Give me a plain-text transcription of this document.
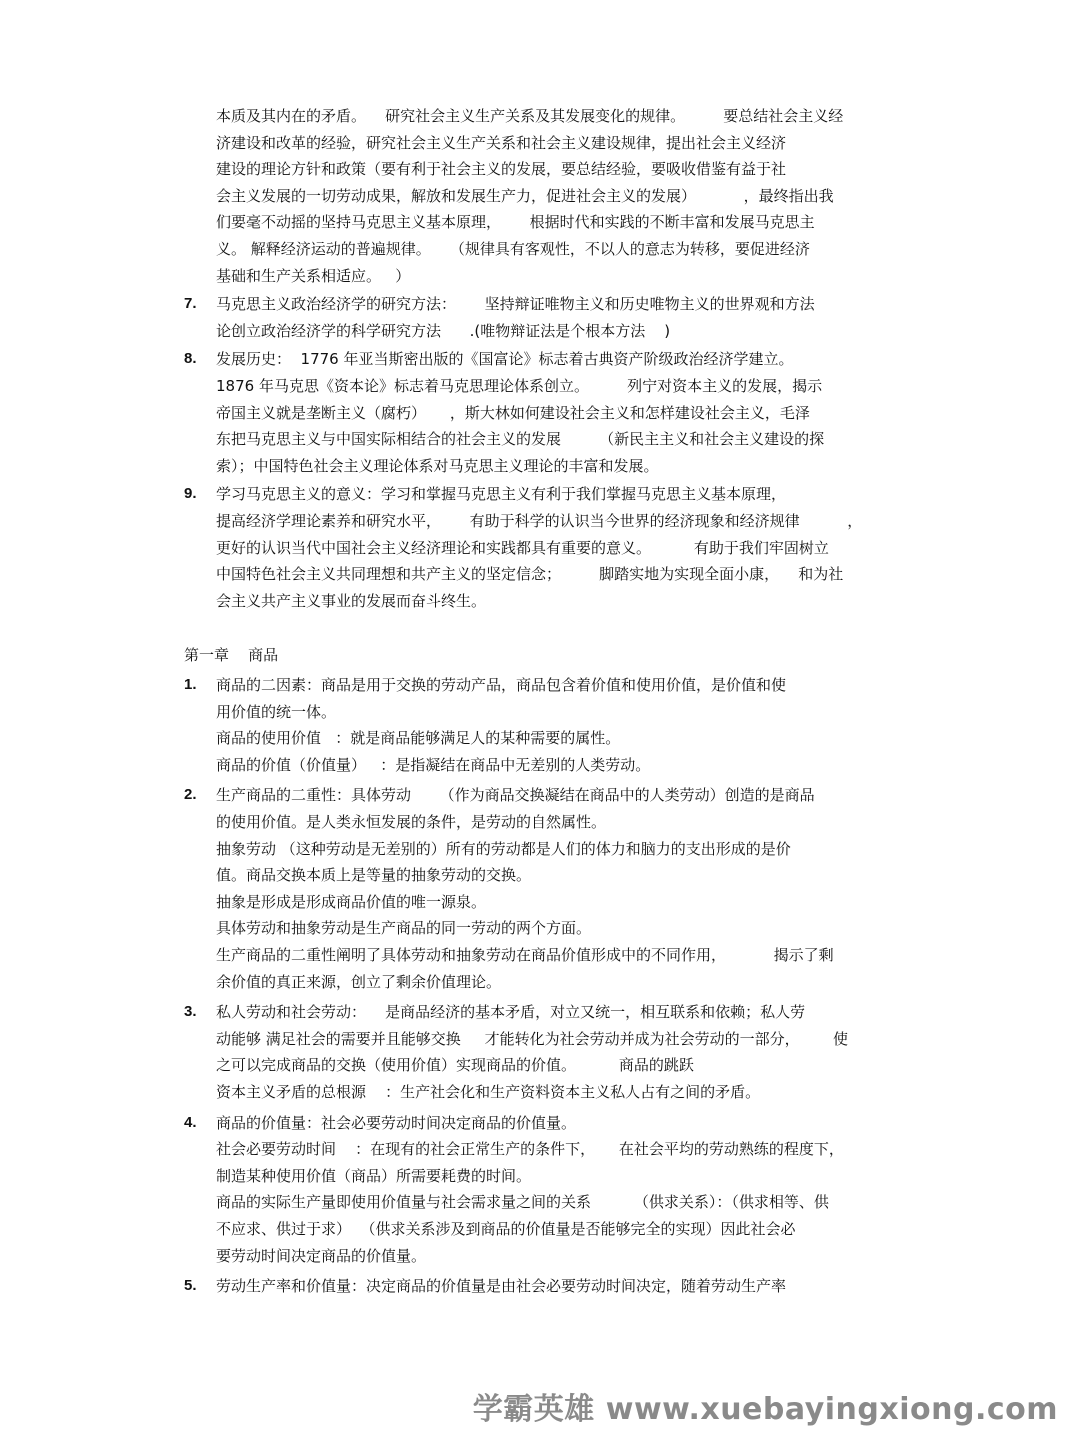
本质及其内在的矛盾。    研究社会主义生产关系及其发展变化的规律。        要总结社会主义经
济建设和改革的经验，研究社会主义生产关系和社会主义建设规律，提出社会主义经济
建设的理论方针和政策（要有利于社会主义的发展，要总结经验，要吸收借鉴有益于社
会主义发展的一切劳动成果，解放和发展生产力，促进社会主义的发展）          ，最终指出我
们要毫不动摇的坚持马克思主义基本原理，      根据时代和实践的不断丰富和发展马克思主
义。 解释经济运动的普遍规律。    （规律具有客观性，不以人的意志为转移，要促进经济
基础和生产关系相适应。   ）
7. 马克思主义政治经济学的研究方法：      坚持辩证唯物主义和历史唯物主义的世界观和方法
论创立政治经济学的科学研究方法      .(唯物辩证法是个根本方法    )
8. 发展历史：  1776 年亚当斯密出版的《国富论》标志着古典资产阶级政治经济学建立。
1876 年马克思《资本论》标志着马克思理论体系创立。        列宁对资本主义的发展，揭示
帝国主义就是垄断主义（腐朽）     ，斯大林如何建设社会主义和怎样建设社会主义，毛泽
东把马克思主义与中国实际相结合的社会主义的发展        （新民主主义和社会主义建设的探
索）；中国特色社会主义理论体系对马克思主义理论的丰富和发展。
9. 学习马克思主义的意义：学习和掌握马克思主义有利于我们掌握马克思主义基本原理，
提高经济学理论素养和研究水平，      有助于科学的认识当今世界的经济现象和经济规律          ，
更好的认识当代中国社会主义经济理论和实践都具有重要的意义。         有助于我们牢固树立
中国特色社会主义共同理想和共产主义的坚定信念；        脚踏实地为实现全面小康，    和为社
会主义共产主义事业的发展而奋斗终生。
第一章    商品
1. 商品的二因素：商品是用于交换的劳动产品，商品包含着价值和使用价值，是价值和使
用价值的统一体。
商品的使用价值   ：就是商品能够满足人的某种需要的属性。
商品的价值（价值量）   ：是指凝结在商品中无差别的人类劳动。
2. 生产商品的二重性：具体劳动      （作为商品交换凝结在商品中的人类劳动）创造的是商品
的使用价值。是人类永恒发展的条件，是劳动的自然属性。
抽象劳动 （这种劳动是无差别的）所有的劳动都是人们的体力和脑力的支出形成的是价
值。商品交换本质上是等量的抽象劳动的交换。
抽象是形成是形成商品价值的唯一源泉。
具体劳动和抽象劳动是生产商品的同一劳动的两个方面。
生产商品的二重性阐明了具体劳动和抽象劳动在商品价值形成中的不同作用，          揭示了剩
余价值的真正来源，创立了剩余价值理论。
3. 私人劳动和社会劳动：    是商品经济的基本矛盾，对立又统一，相互联系和依赖；私人劳
动能够 满足社会的需要并且能够交换     才能转化为社会劳动并成为社会劳动的一部分，       使
之可以完成商品的交换（使用价值）实现商品的价值。         商品的跳跃
资本主义矛盾的总根源    ：生产社会化和生产资料资本主义私人占有之间的矛盾。
4. 商品的价值量：社会必要劳动时间决定商品的价值量。
社会必要劳动时间    ：在现有的社会正常生产的条件下，     在社会平均的劳动熟练的程度下，
制造某种使用价值（商品）所需要耗费的时间。
商品的实际生产量即使用价值量与社会需求量之间的关系         （供求关系）：（供求相等、供
不应求、供过于求）  （供求关系涉及到商品的价值量是否能够完全的实现）因此社会必
要劳动时间决定商品的价值量。
5. 劳动生产率和价值量：决定商品的价值量是由社会必要劳动时间决定，随着劳动生产率
学霸英雄 www.xuebayingxiong.com
